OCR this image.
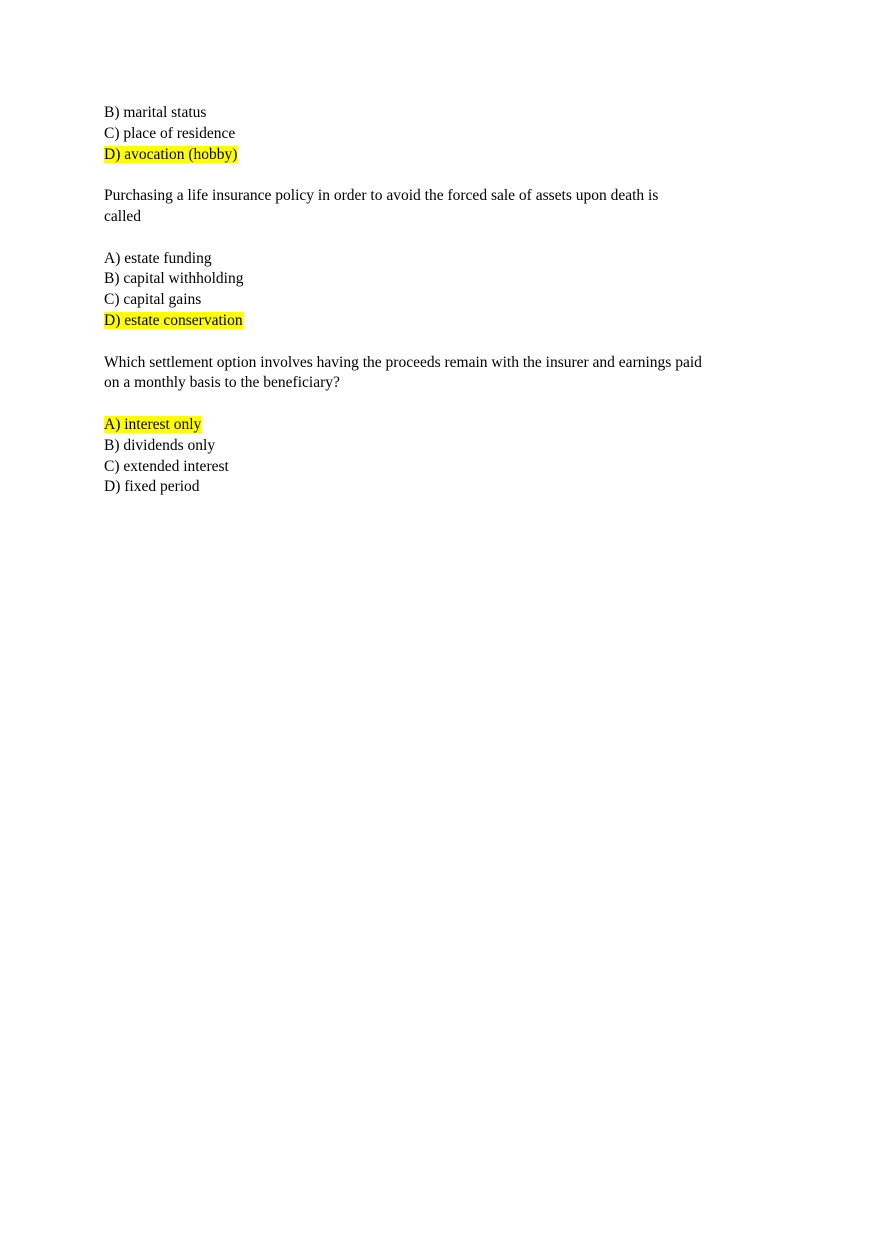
B) marital status
C) place of residence
D) avocation (hobby)
Purchasing a life insurance policy in order to avoid the forced sale of assets upon death is
called
A) estate funding
B) capital withholding
C) capital gains
D) estate conservation
Which settlement option involves having the proceeds remain with the insurer and earnings paid
on a monthly basis to the beneficiary?
A) interest only
B) dividends only
C) extended interest
D) fixed period
